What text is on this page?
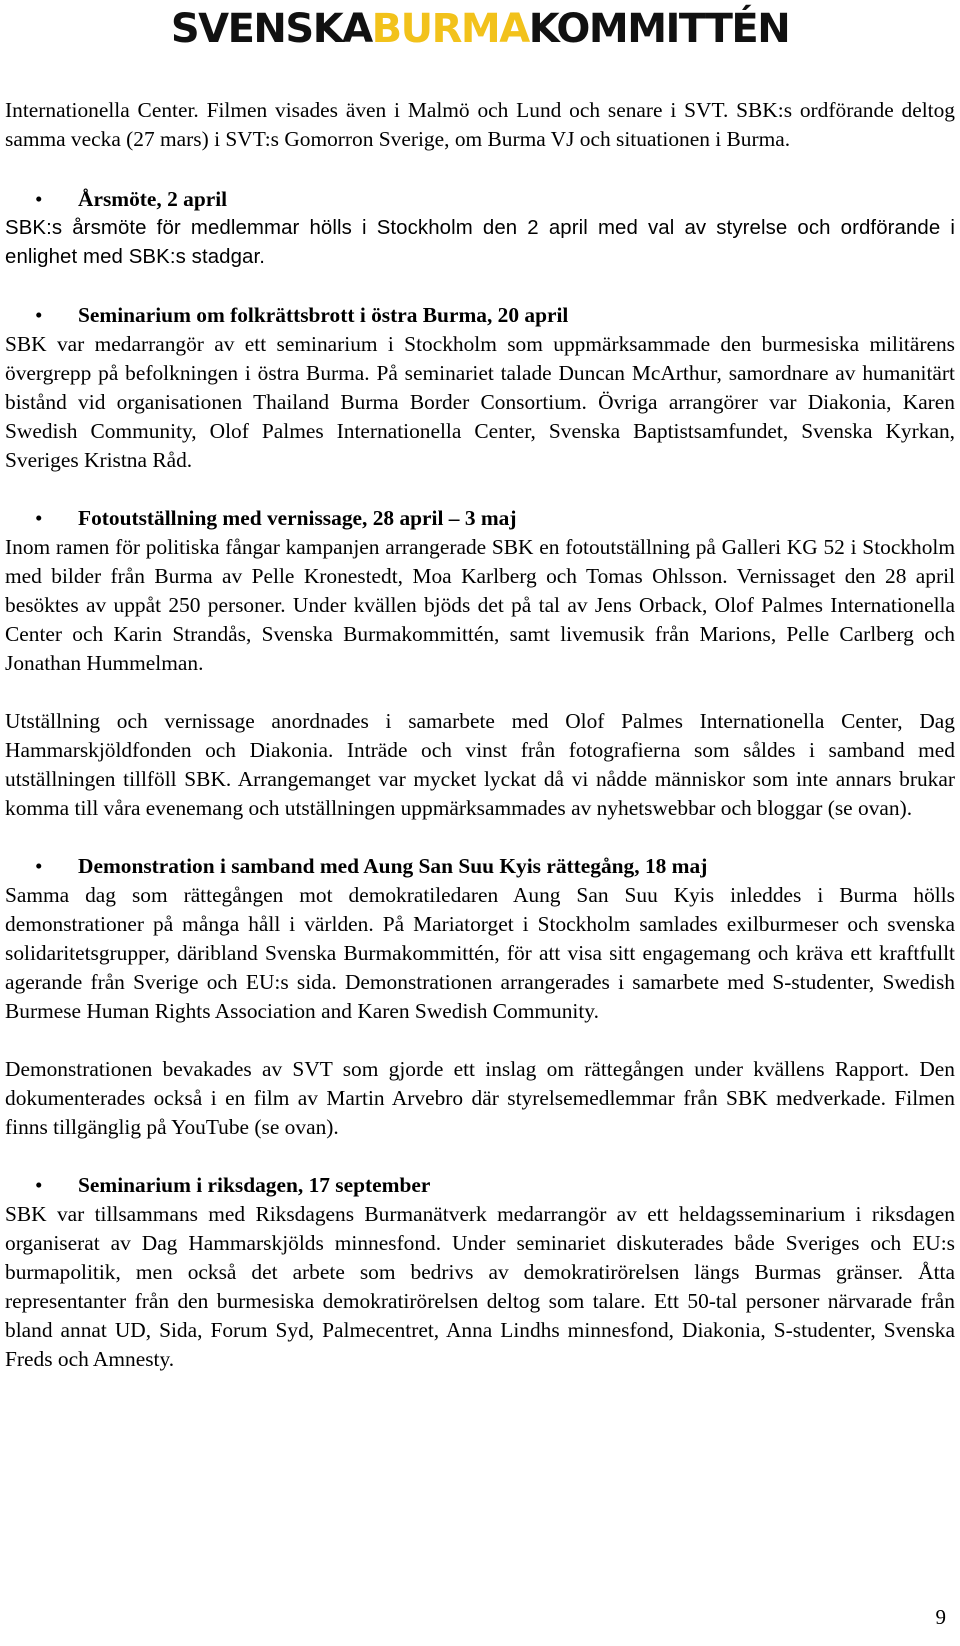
SVENSKABURMAKOMMITTÉN

Internationella Center. Filmen visades även i Malmö och Lund och senare i SVT. SBK:s ordförande deltog samma vecka (27 mars) i SVT:s Gomorron Sverige, om Burma VJ och situationen i Burma.

• Årsmöte, 2 april

SBK:s årsmöte för medlemmar hölls i Stockholm den 2 april med val av styrelse och ordförande i enlighet med SBK:s stadgar.

• Seminarium om folkrättsbrott i östra Burma, 20 april

SBK var medarrangör av ett seminarium i Stockholm som uppmärksammade den burmesiska militärens övergrepp på befolkningen i östra Burma. På seminariet talade Duncan McArthur, samordnare av humanitärt bistånd vid organisationen Thailand Burma Border Consortium. Övriga arrangörer var Diakonia, Karen Swedish Community, Olof Palmes Internationella Center, Svenska Baptistsamfundet, Svenska Kyrkan, Sveriges Kristna Råd.

• Fotoutställning med vernissage, 28 april – 3 maj

Inom ramen för politiska fångar kampanjen arrangerade SBK en fotoutställning på Galleri KG 52 i Stockholm med bilder från Burma av Pelle Kronestedt, Moa Karlberg och Tomas Ohlsson. Vernissaget den 28 april besöktes av uppåt 250 personer. Under kvällen bjöds det på tal av Jens Orback, Olof Palmes Internationella Center och Karin Strandås, Svenska Burmakommittén, samt livemusik från Marions, Pelle Carlberg och Jonathan Hummelman.

Utställning och vernissage anordnades i samarbete med Olof Palmes Internationella Center, Dag Hammarskjöldfonden och Diakonia. Inträde och vinst från fotografierna som såldes i samband med utställningen tillföll SBK. Arrangemanget var mycket lyckat då vi nådde människor som inte annars brukar komma till våra evenemang och utställningen uppmärksammades av nyhetswebbar och bloggar (se ovan).

• Demonstration i samband med Aung San Suu Kyis rättegång, 18 maj

Samma dag som rättegången mot demokratiledaren Aung San Suu Kyis inleddes i Burma hölls demonstrationer på många håll i världen. På Mariatorget i Stockholm samlades exilburmeser och svenska solidaritetsgrupper, däribland Svenska Burmakommittén, för att visa sitt engagemang och kräva ett kraftfullt agerande från Sverige och EU:s sida. Demonstrationen arrangerades i samarbete med S-studenter, Swedish Burmese Human Rights Association and Karen Swedish Community.

Demonstrationen bevakades av SVT som gjorde ett inslag om rättegången under kvällens Rapport. Den dokumenterades också i en film av Martin Arvebro där styrelsemedlemmar från SBK medverkade. Filmen finns tillgänglig på YouTube (se ovan).

• Seminarium i riksdagen, 17 september

SBK var tillsammans med Riksdagens Burmanätverk medarrangör av ett heldagsseminarium i riksdagen organiserat av Dag Hammarskjölds minnesfond. Under seminariet diskuterades både Sveriges och EU:s burmapolitik, men också det arbete som bedrivs av demokratirörelsen längs Burmas gränser. Åtta representanter från den burmesiska demokratirörelsen deltog som talare. Ett 50-tal personer närvarade från bland annat UD, Sida, Forum Syd, Palmecentret, Anna Lindhs minnesfond, Diakonia, S-studenter, Svenska Freds och Amnesty.

9
